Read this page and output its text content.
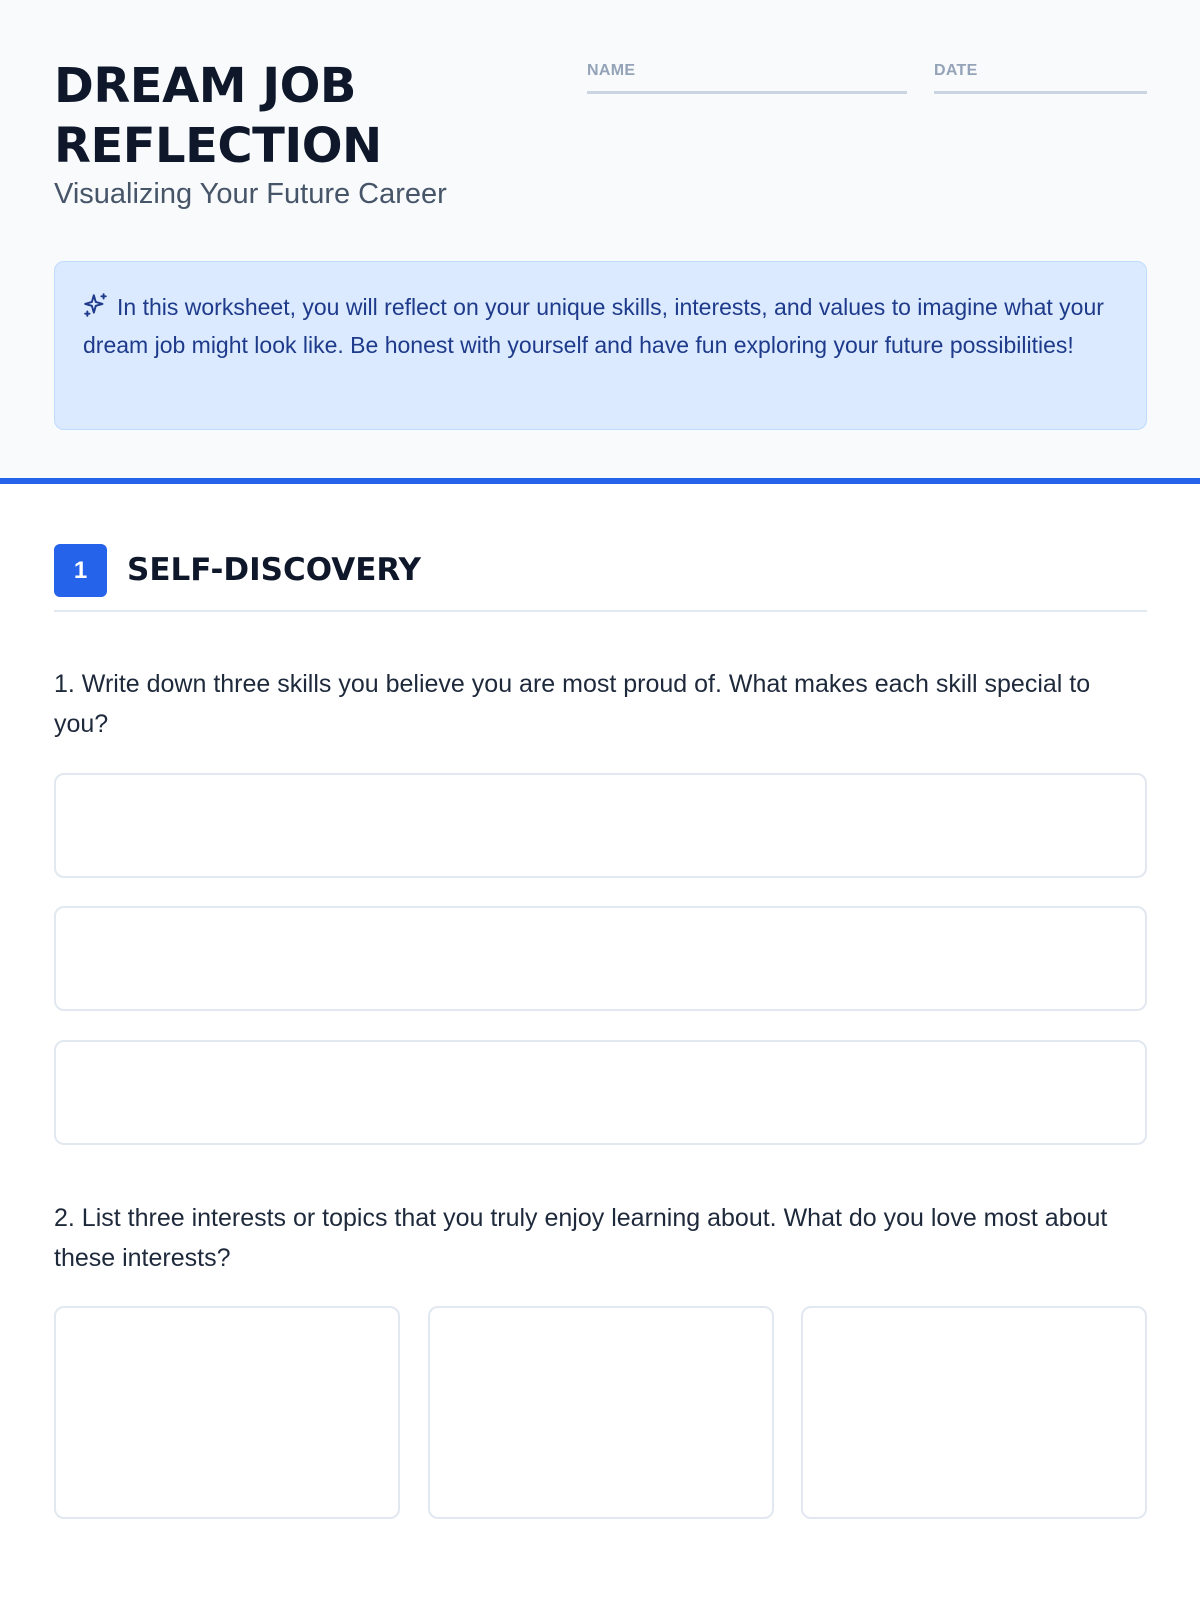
DREAM JOB
REFLECTION
Visualizing Your Future Career
NAME	DATE
In this worksheet, you will reflect on your unique skills, interests, and values to imagine what your dream job might look like. Be honest with yourself and have fun exploring your future possibilities!
1	SELF-DISCOVERY
1. Write down three skills you believe you are most proud of. What makes each skill special to you?
2. List three interests or topics that you truly enjoy learning about. What do you love most about these interests?
